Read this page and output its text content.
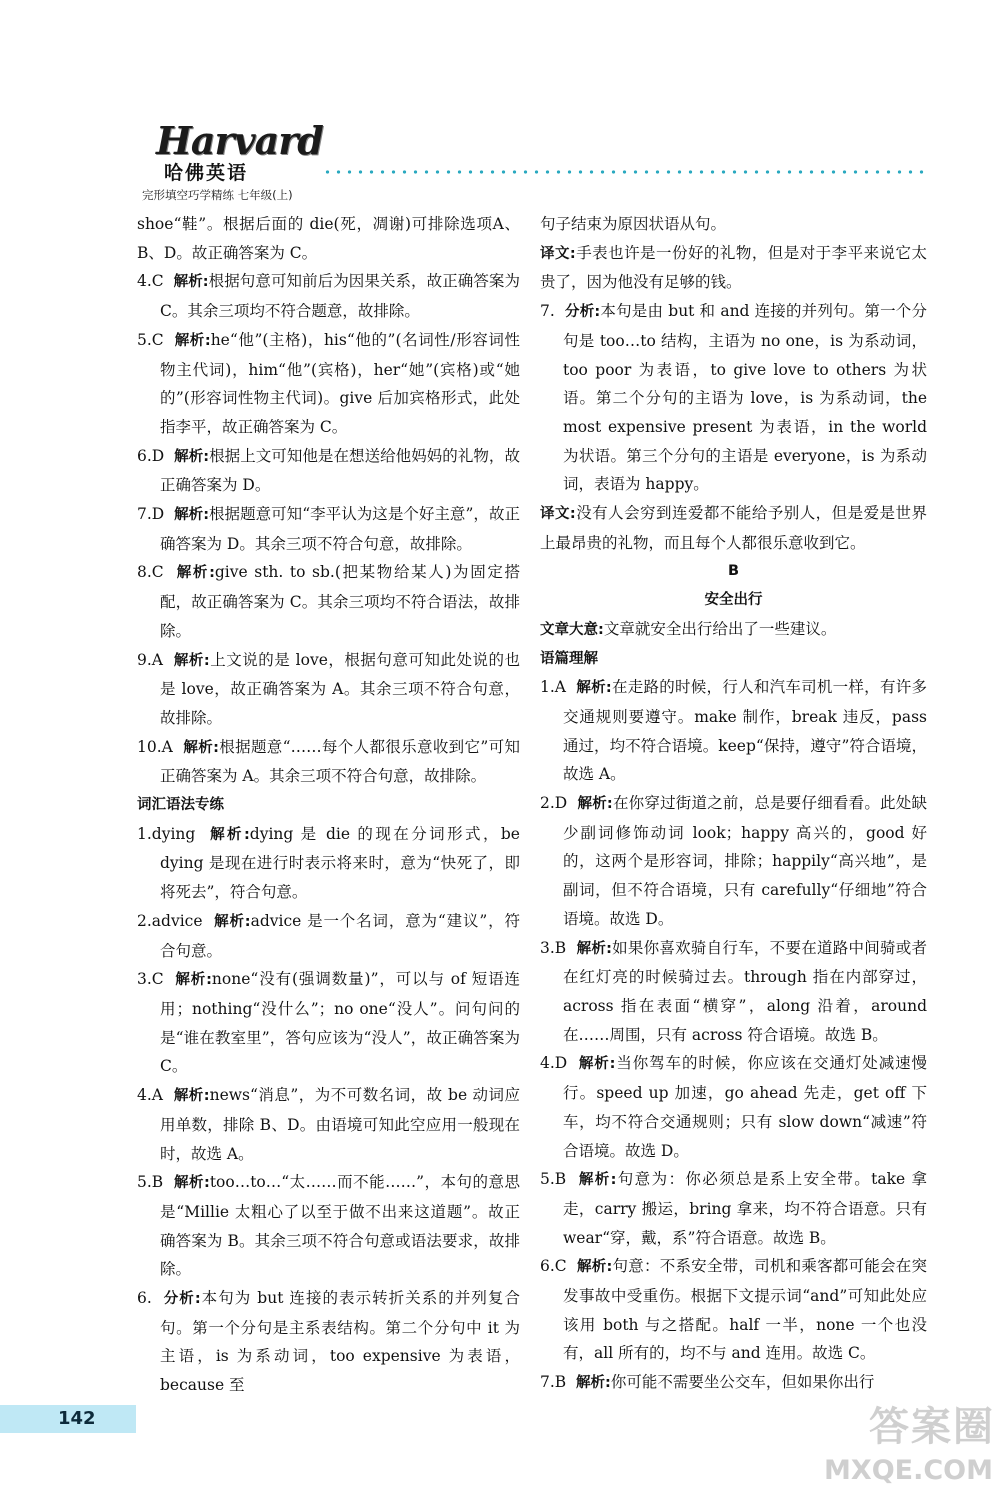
Harvard
哈佛英语
完形填空巧学精练 七年级(上)

shoe“鞋”。根据后面的 die(死，凋谢)可排除选项A、B、D。故正确答案为 C。

4.C 解析:根据句意可知前后为因果关系，故正确答案为 C。其余三项均不符合题意，故排除。

5.C 解析:he“他”(主格)，his“他的”(名词性/形容词性物主代词)，him“他”(宾格)，her“她”(宾格)或“她的”(形容词性物主代词)。give 后加宾格形式，此处指李平，故正确答案为 C。

6.D 解析:根据上文可知他是在想送给他妈妈的礼物，故正确答案为 D。

7.D 解析:根据题意可知“李平认为这是个好主意”，故正确答案为 D。其余三项不符合句意，故排除。

8.C 解析:give sth. to sb.(把某物给某人)为固定搭配，故正确答案为 C。其余三项均不符合语法，故排除。

9.A 解析:上文说的是 love，根据句意可知此处说的也是 love，故正确答案为 A。其余三项不符合句意，故排除。

10.A 解析:根据题意“……每个人都很乐意收到它”可知正确答案为 A。其余三项不符合句意，故排除。

词汇语法专练

1.dying 解析:dying 是 die 的现在分词形式，be dying 是现在进行时表示将来时，意为“快死了，即将死去”，符合句意。

2.advice 解析:advice 是一个名词，意为“建议”，符合句意。

3.C 解析:none“没有(强调数量)”，可以与 of 短语连用；nothing“没什么”；no one“没人”。问句问的是“谁在教室里”，答句应该为“没人”，故正确答案为 C。

4.A 解析:news“消息”，为不可数名词，故 be 动词应用单数，排除 B、D。由语境可知此空应用一般现在时，故选 A。

5.B 解析:too…to…“太……而不能……”，本句的意思是“Millie 太粗心了以至于做不出来这道题”。故正确答案为 B。其余三项不符合句意或语法要求，故排除。

6. 分析:本句为 but 连接的表示转折关系的并列复合句。第一个分句是主系表结构。第二个分句中 it 为主语，is 为系动词，too expensive 为表语，because 至

句子结束为原因状语从句。

译文:手表也许是一份好的礼物，但是对于李平来说它太贵了，因为他没有足够的钱。

7. 分析:本句是由 but 和 and 连接的并列句。第一个分句是 too…to 结构，主语为 no one，is 为系动词，too poor 为表语，to give love to others 为状语。第二个分句的主语为 love，is 为系动词，the most expensive present 为表语，in the world 为状语。第三个分句的主语是 everyone，is 为系动词，表语为 happy。

译文:没有人会穷到连爱都不能给予别人，但是爱是世界上最昂贵的礼物，而且每个人都很乐意收到它。

B

安全出行

文章大意:文章就安全出行给出了一些建议。

语篇理解

1.A 解析:在走路的时候，行人和汽车司机一样，有许多交通规则要遵守。make 制作，break 违反，pass 通过，均不符合语境。keep“保持，遵守”符合语境，故选 A。

2.D 解析:在你穿过街道之前，总是要仔细看看。此处缺少副词修饰动词 look；happy 高兴的，good 好的，这两个是形容词，排除；happily“高兴地”，是副词，但不符合语境，只有 carefully“仔细地”符合语境。故选 D。

3.B 解析:如果你喜欢骑自行车，不要在道路中间骑或者在红灯亮的时候骑过去。through 指在内部穿过，across 指在表面“横穿”，along 沿着，around 在……周围，只有 across 符合语境。故选 B。

4.D 解析:当你驾车的时候，你应该在交通灯处减速慢行。speed up 加速，go ahead 先走，get off 下车，均不符合交通规则；只有 slow down“减速”符合语境。故选 D。

5.B 解析:句意为：你必须总是系上安全带。take 拿走，carry 搬运，bring 拿来，均不符合语意。只有 wear“穿，戴，系”符合语意。故选 B。

6.C 解析:句意：不系安全带，司机和乘客都可能会在突发事故中受重伤。根据下文提示词“and”可知此处应该用 both 与之搭配。half 一半，none 一个也没有，all 所有的，均不与 and 连用。故选 C。

7.B 解析:你可能不需要坐公交车，但如果你出行

142	答案圈
MXQE.COM
